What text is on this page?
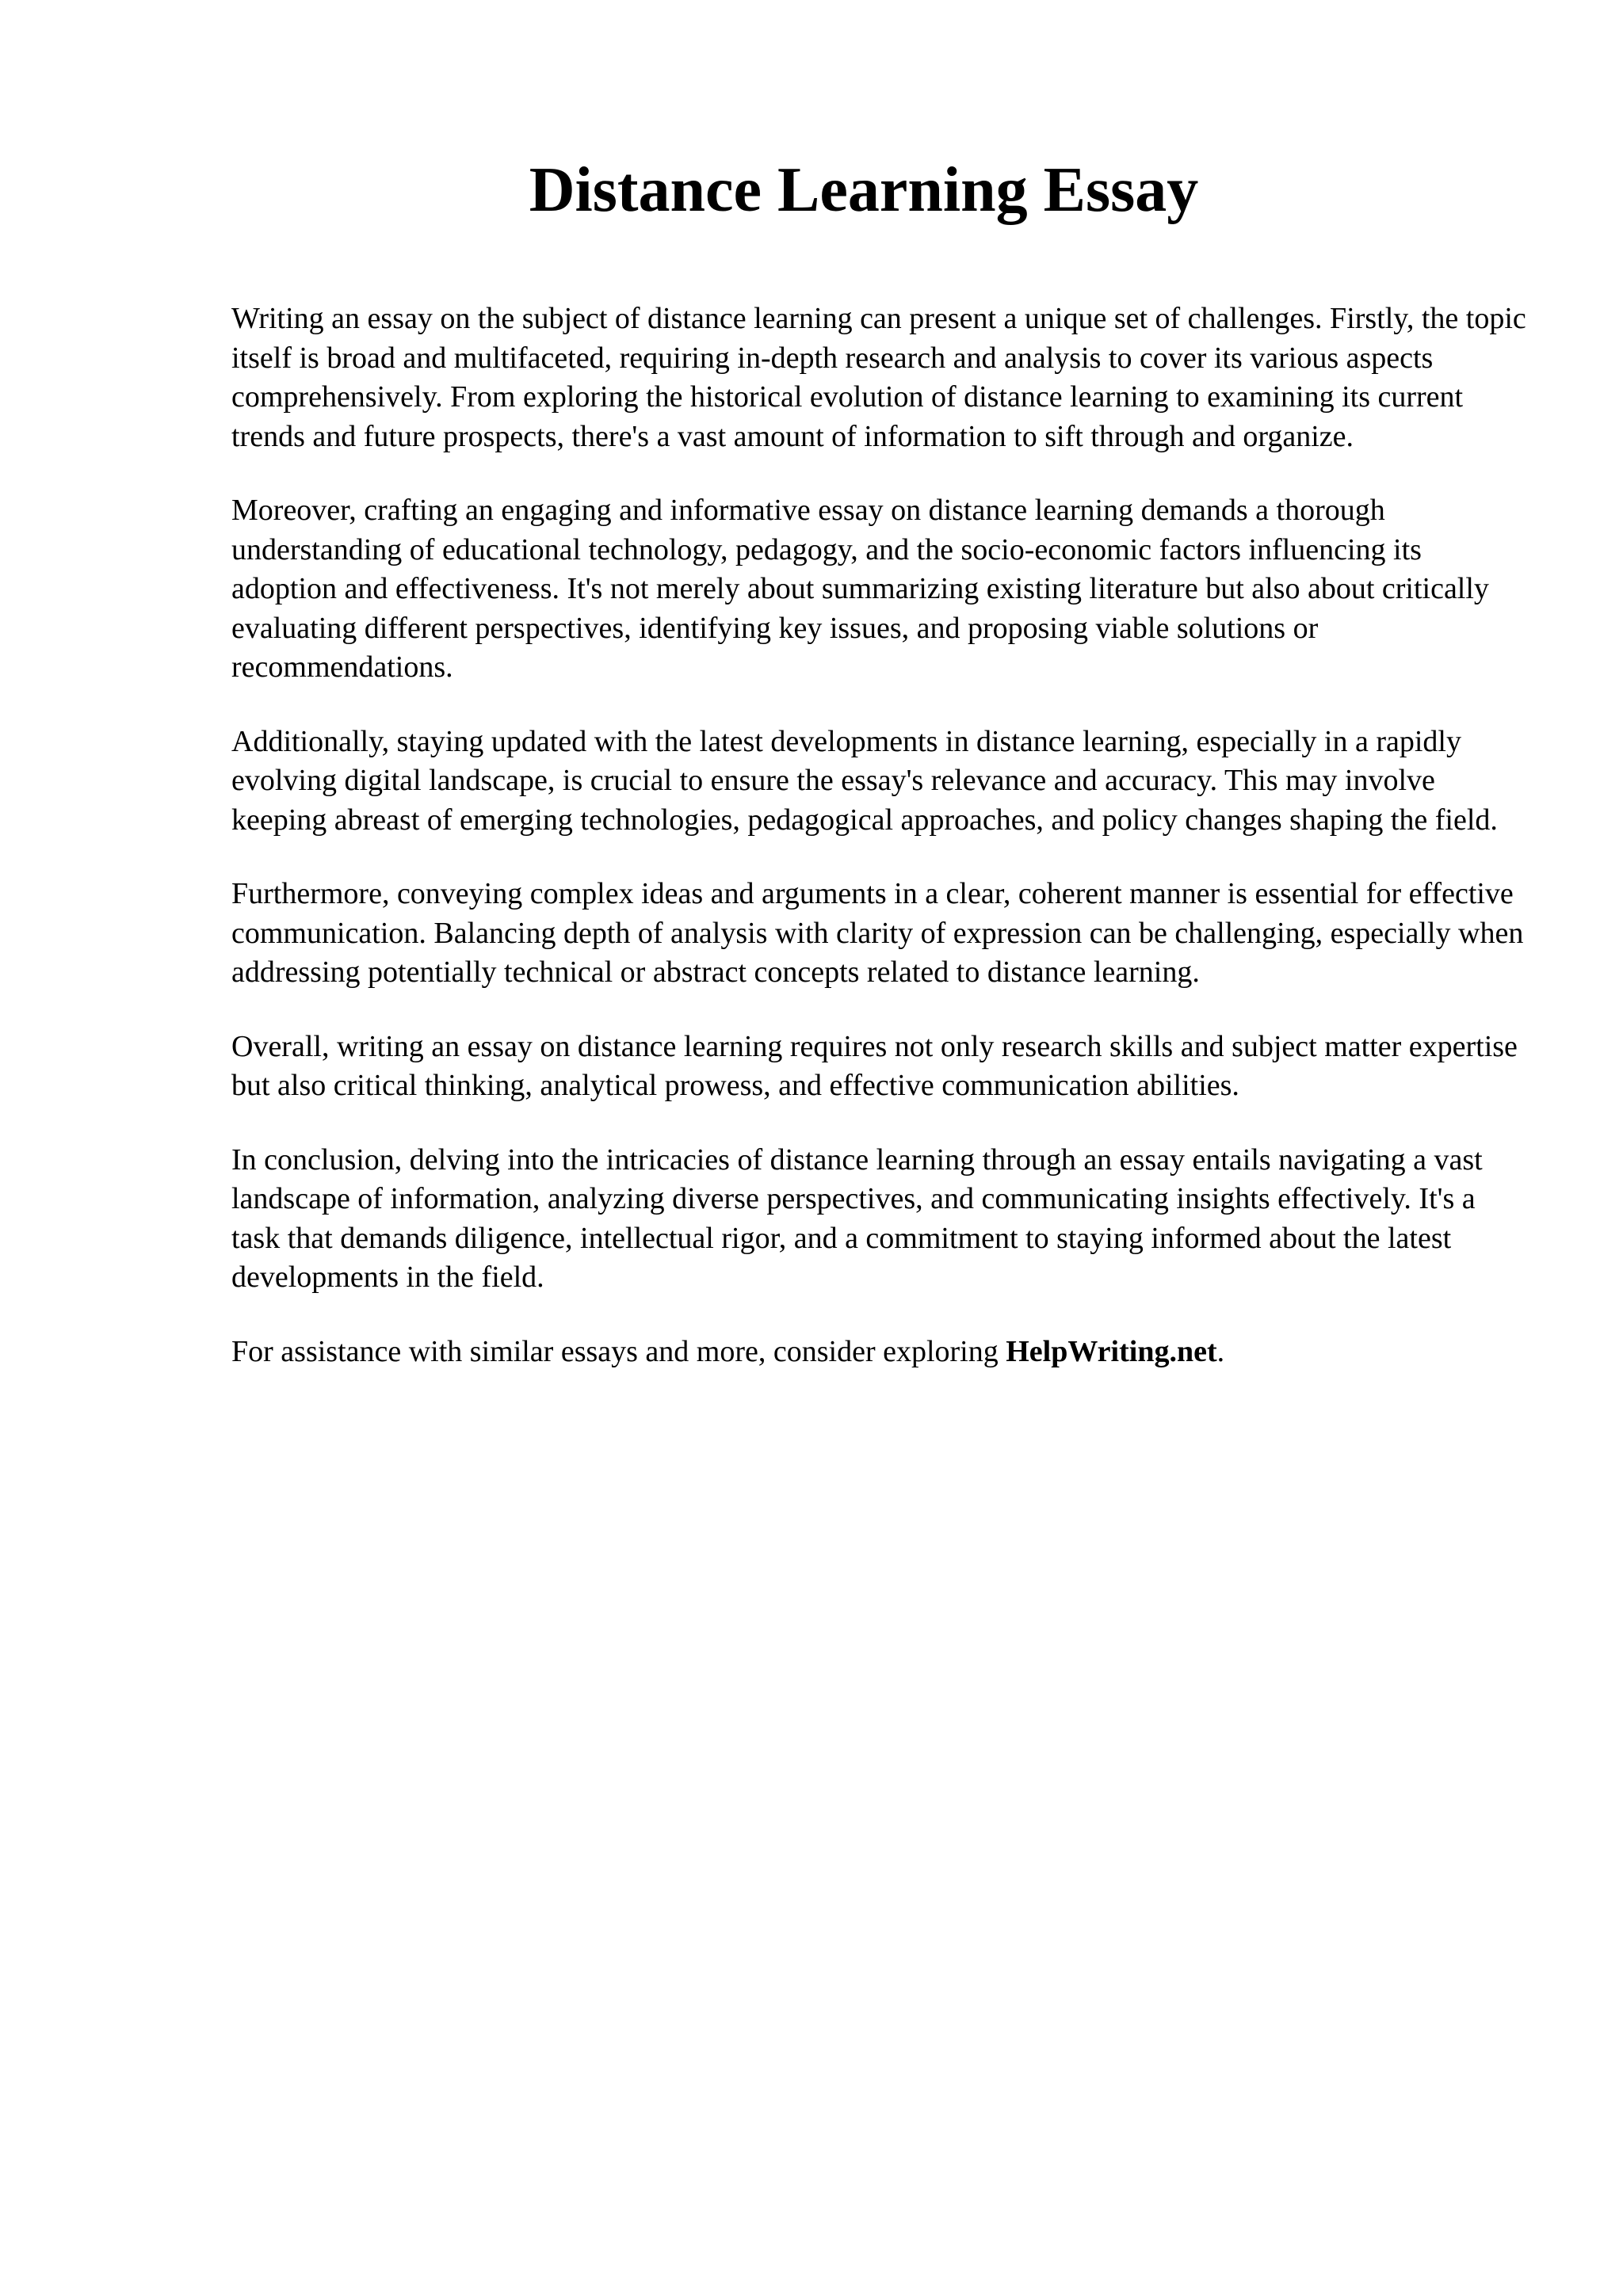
Distance Learning Essay

Writing an essay on the subject of distance learning can present a unique set of challenges. Firstly, the topic itself is broad and multifaceted, requiring in-depth research and analysis to cover its various aspects comprehensively. From exploring the historical evolution of distance learning to examining its current trends and future prospects, there's a vast amount of information to sift through and organize.

Moreover, crafting an engaging and informative essay on distance learning demands a thorough understanding of educational technology, pedagogy, and the socio-economic factors influencing its adoption and effectiveness. It's not merely about summarizing existing literature but also about critically evaluating different perspectives, identifying key issues, and proposing viable solutions or recommendations.

Additionally, staying updated with the latest developments in distance learning, especially in a rapidly evolving digital landscape, is crucial to ensure the essay's relevance and accuracy. This may involve keeping abreast of emerging technologies, pedagogical approaches, and policy changes shaping the field.

Furthermore, conveying complex ideas and arguments in a clear, coherent manner is essential for effective communication. Balancing depth of analysis with clarity of expression can be challenging, especially when addressing potentially technical or abstract concepts related to distance learning.

Overall, writing an essay on distance learning requires not only research skills and subject matter expertise but also critical thinking, analytical prowess, and effective communication abilities.

In conclusion, delving into the intricacies of distance learning through an essay entails navigating a vast landscape of information, analyzing diverse perspectives, and communicating insights effectively. It's a task that demands diligence, intellectual rigor, and a commitment to staying informed about the latest developments in the field.

For assistance with similar essays and more, consider exploring HelpWriting.net.
